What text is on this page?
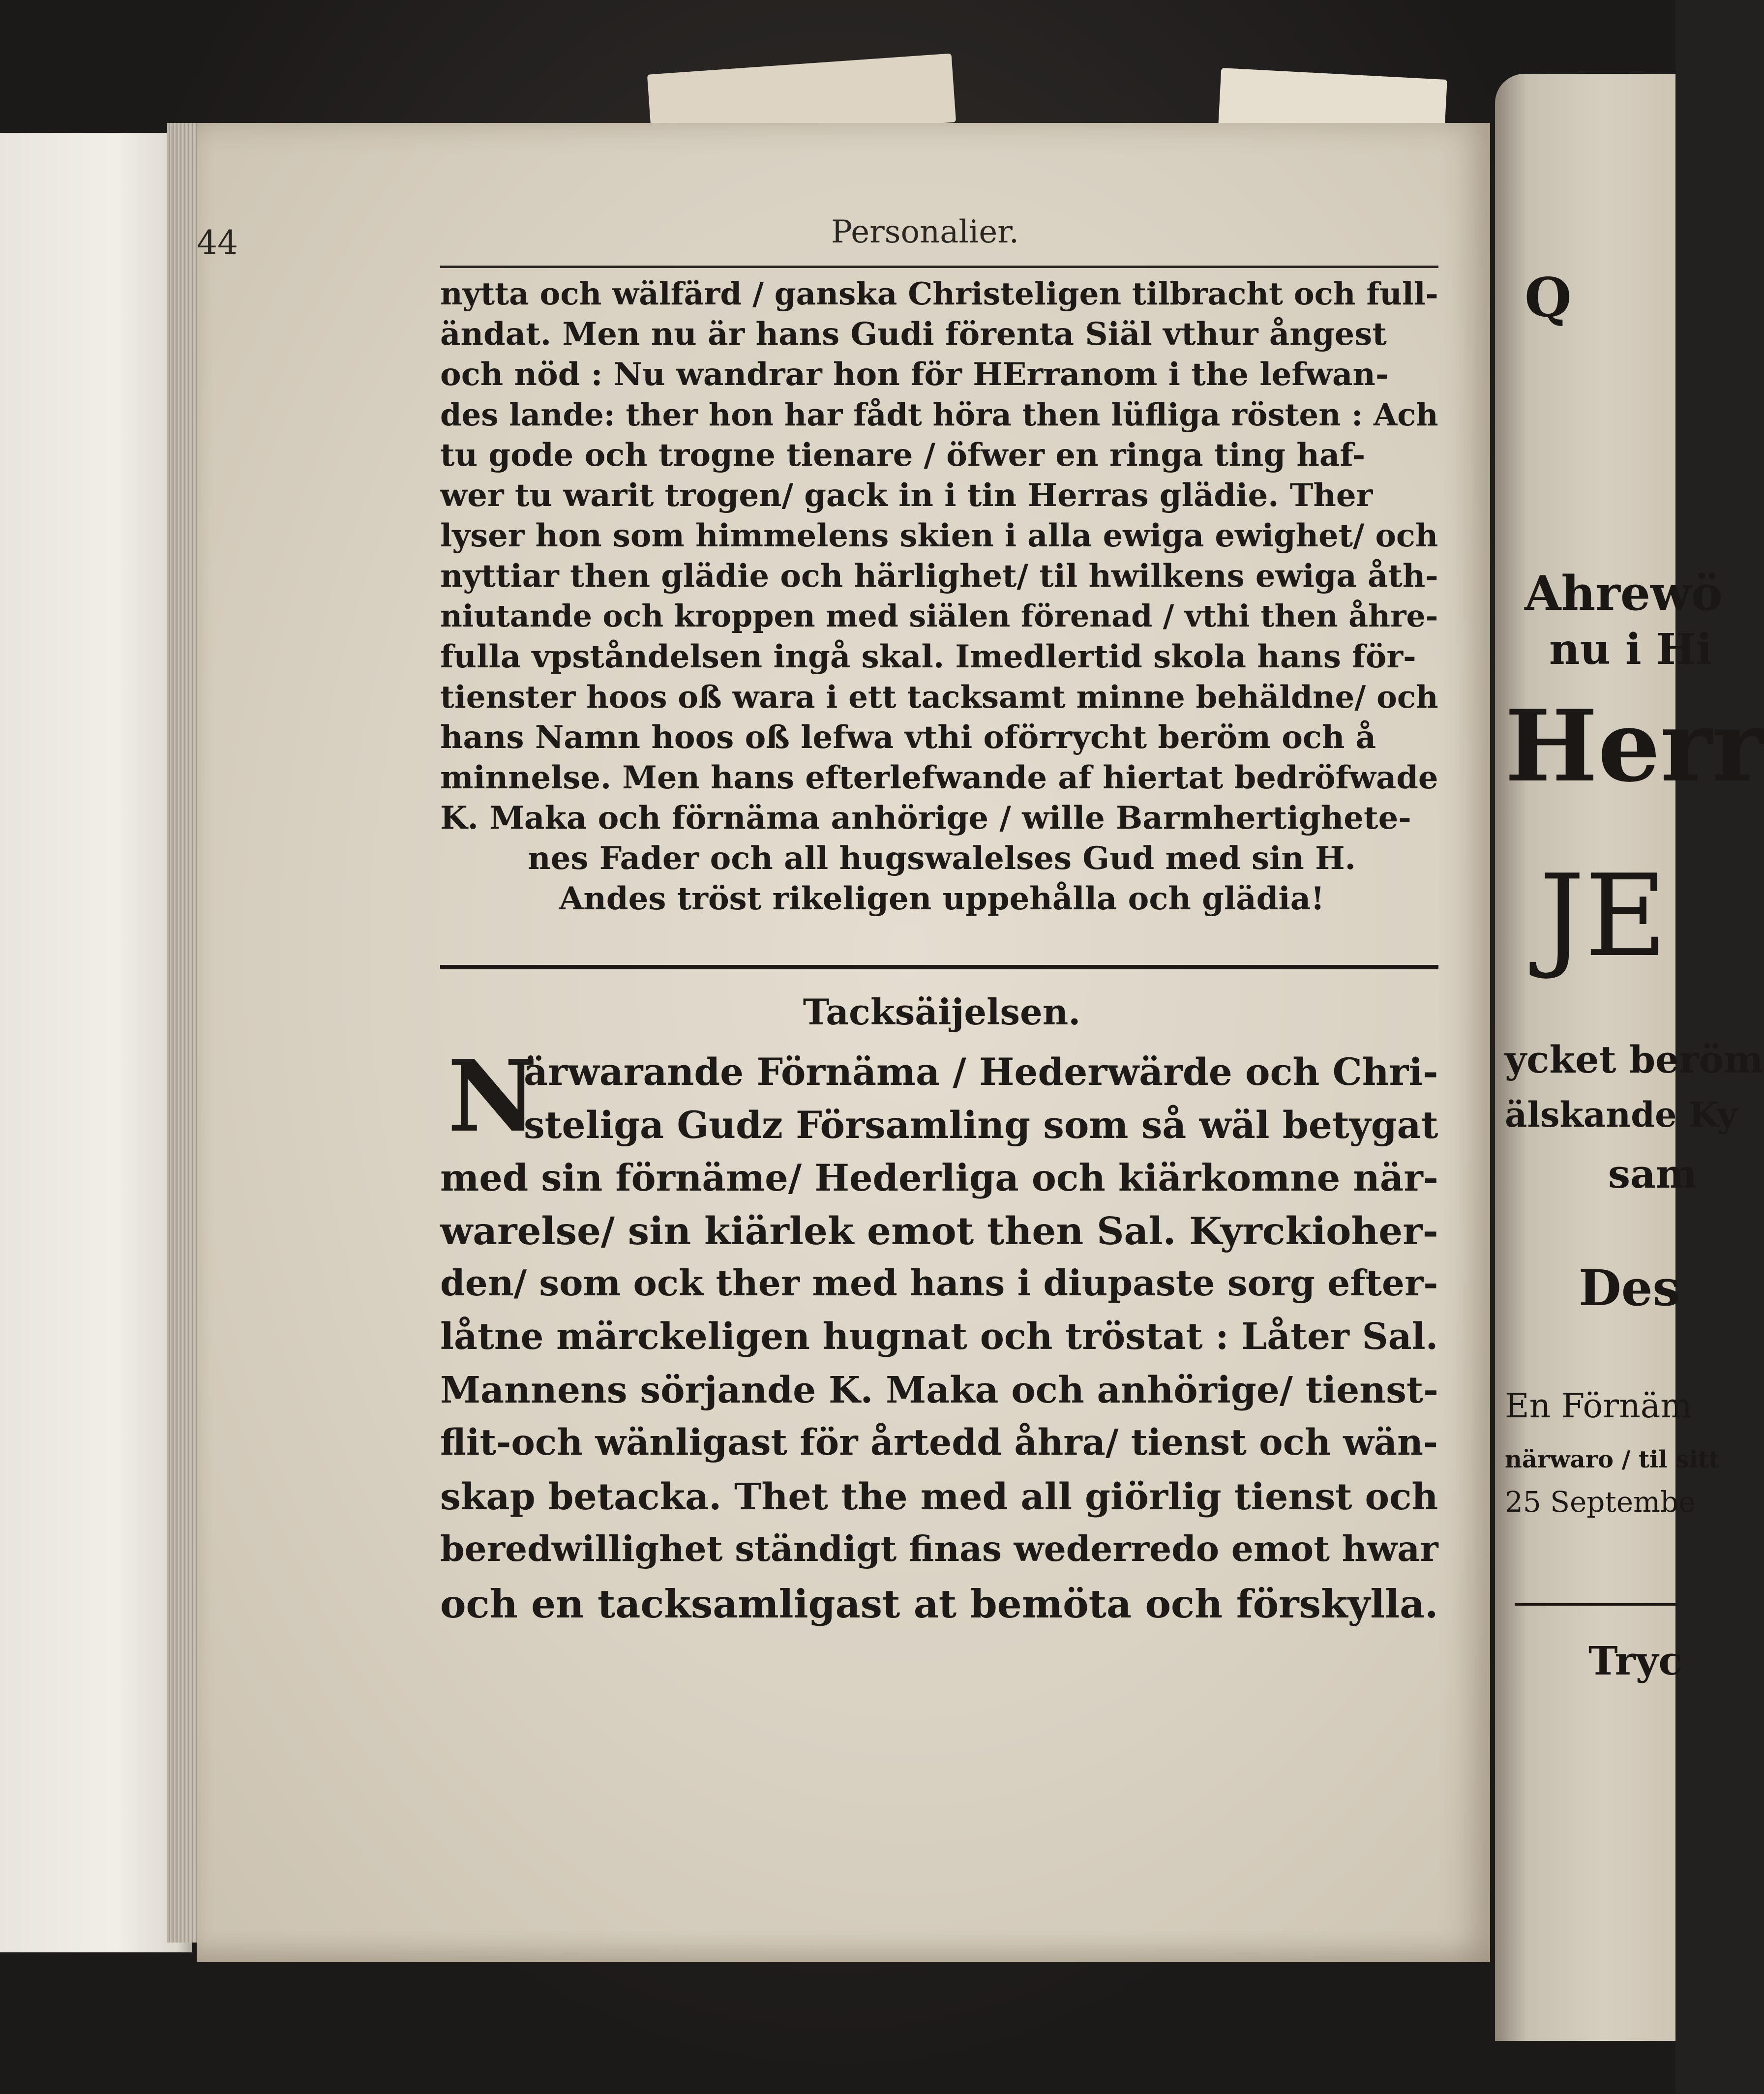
Q
Ahrewö
nu i Hi
Herr
JE
ycket beröm
älskande Ky
sam
Des
En Förnäm
närwaro / til sitt
25 Septembe
Tryc
44	Personalier.
nytta och wälfärd / ganska Christeligen tilbracht och full-
ändat. Men nu är hans Gudi förenta Siäl vthur ångest
och nöd : Nu wandrar hon för HErranom i the lefwan-
des lande: ther hon har fådt höra then lüfliga rösten : Ach
tu gode och trogne tienare / öfwer en ringa ting haf-
wer tu warit trogen/ gack in i tin Herras glädie. Ther
lyser hon som himmelens skien i alla ewiga ewighet/ och
nyttiar then glädie och härlighet/ til hwilkens ewiga åth-
niutande och kroppen med siälen förenad / vthi then åhre-
fulla vpståndelsen ingå skal. Imedlertid skola hans för-
tienster hoos oß wara i ett tacksamt minne behäldne/ och
hans Namn hoos oß lefwa vthi oförrycht beröm och å
minnelse. Men hans efterlefwande af hiertat bedröfwade
K. Maka och förnäma anhörige / wille Barmhertighete-
nes Fader och all hugswalelses Gud med sin H.
Andes tröst rikeligen uppehålla och glädia!
Tacksäijelsen.
N
ärwarande Förnäma / Hederwärde och Chri-
steliga Gudz Församling som så wäl betygat
med sin förnäme/ Hederliga och kiärkomne när-
warelse/ sin kiärlek emot then Sal. Kyrckioher-
den/ som ock ther med hans i diupaste sorg efter-
låtne märckeligen hugnat och tröstat : Låter Sal.
Mannens sörjande K. Maka och anhörige/ tienst-
flit-och wänligast för årtedd åhra/ tienst och wän-
skap betacka. Thet the med all giörlig tienst och
beredwillighet ständigt finas wederredo emot hwar
och en tacksamligast at bemöta och förskylla.
